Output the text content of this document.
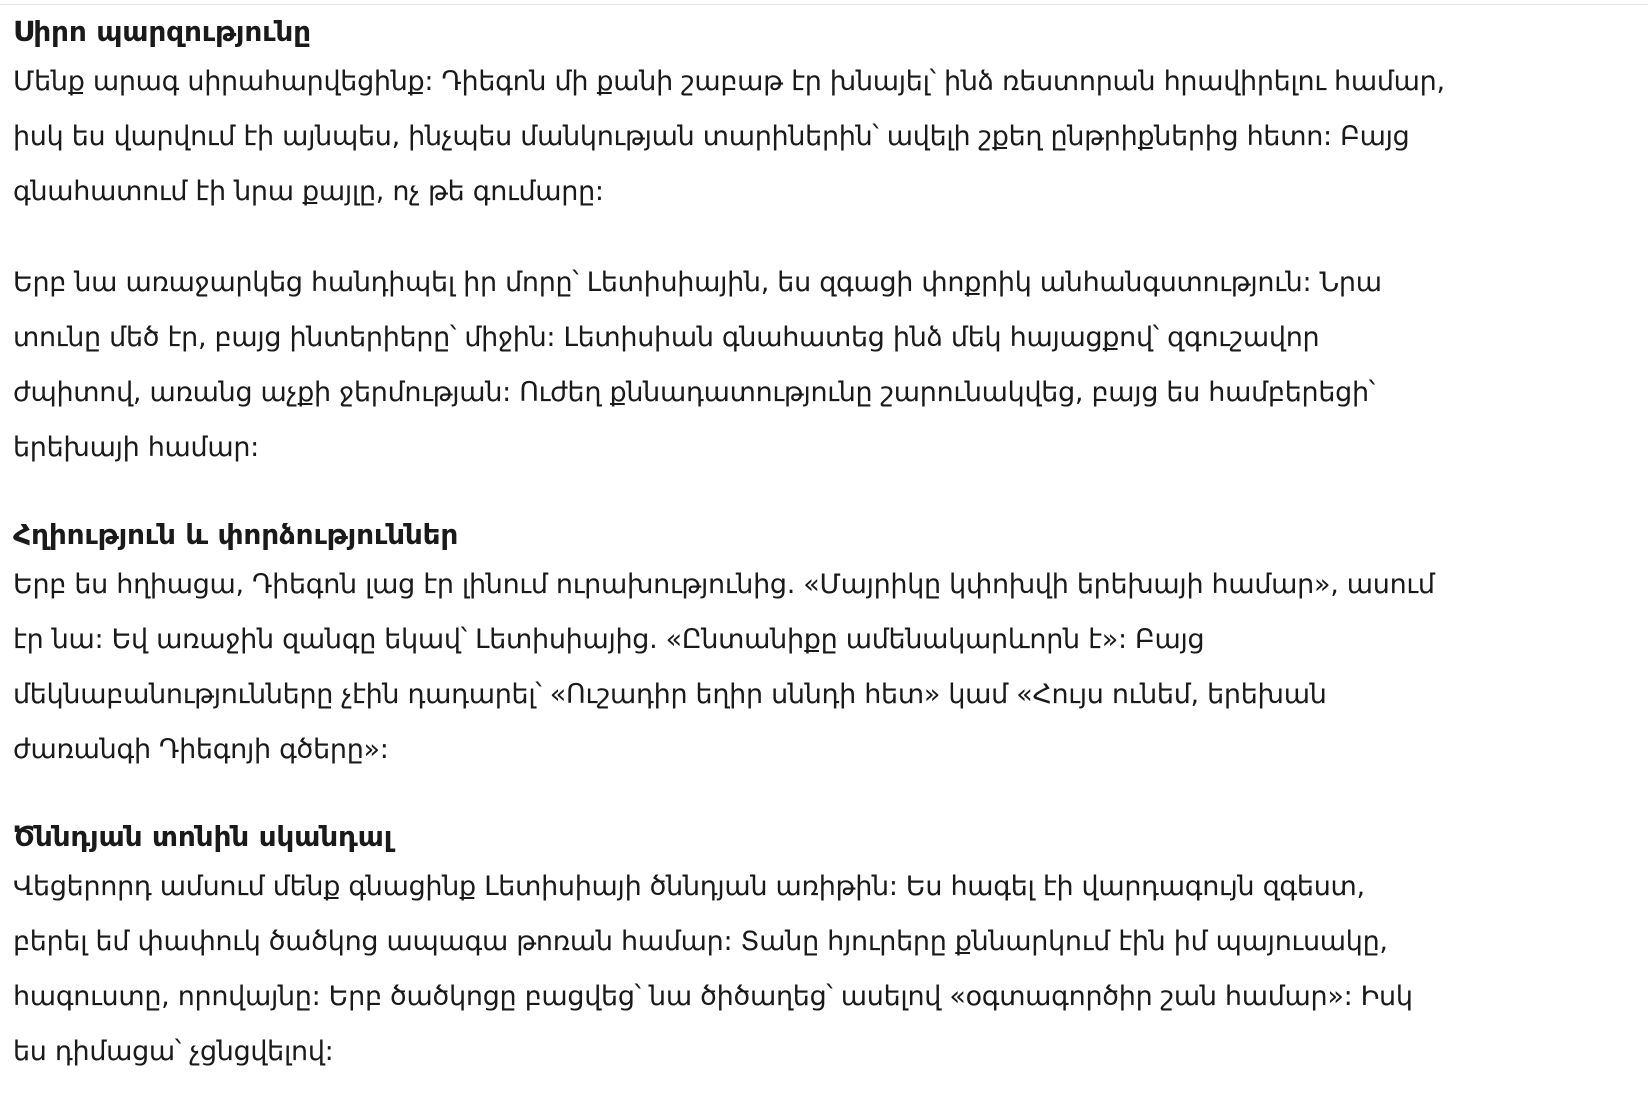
Սիրո պարզությունը

Մենք արագ սիրահարվեցինք: Դիեգոն մի քանի շաբաթ էր խնայել՝ ինձ ռեստորան հրավիրելու համար,
իսկ ես վարվում էի այնպես, ինչպես մանկության տարիներին՝ ավելի շքեղ ընթրիքներից հետո: Բայց
գնահատում էի նրա քայլը, ոչ թե գումարը:

Երբ նա առաջարկեց հանդիպել իր մորը՝ Լետիսիային, ես զգացի փոքրիկ անհանգստություն: Նրա
տունը մեծ էր, բայց ինտերիերը՝ միջին: Լետիսիան գնահատեց ինձ մեկ հայացքով՝ զգուշավոր
ժպիտով, առանց աչքի ջերմության: Ուժեղ քննադատությունը շարունակվեց, բայց ես համբերեցի՝
երեխայի համար:

Հղիություն և փորձություններ

Երբ ես հղիացա, Դիեգոն լաց էր լինում ուրախությունից. «Մայրիկը կփոխվի երեխայի համար», ասում
էր նա: Եվ առաջին զանգը եկավ՝ Լետիսիայից. «Ընտանիքը ամենակարևորն է»: Բայց
մեկնաբանությունները չէին դադարել՝ «Ուշադիր եղիր սննդի հետ» կամ «Հույս ունեմ, երեխան
ժառանգի Դիեգոյի գծերը»:

Ծննդյան տոնին սկանդալ

Վեցերորդ ամսում մենք գնացինք Լետիսիայի ծննդյան առիթին: Ես հագել էի վարդագույն զգեստ,
բերել եմ փափուկ ծածկոց ապագա թոռան համար: Տանը հյուրերը քննարկում էին իմ պայուսակը,
հագուստը, որովայնը: Երբ ծածկոցը բացվեց՝ նա ծիծաղեց՝ ասելով «օգտագործիր շան համար»: Իսկ
ես դիմացա՝ չցնցվելով:
